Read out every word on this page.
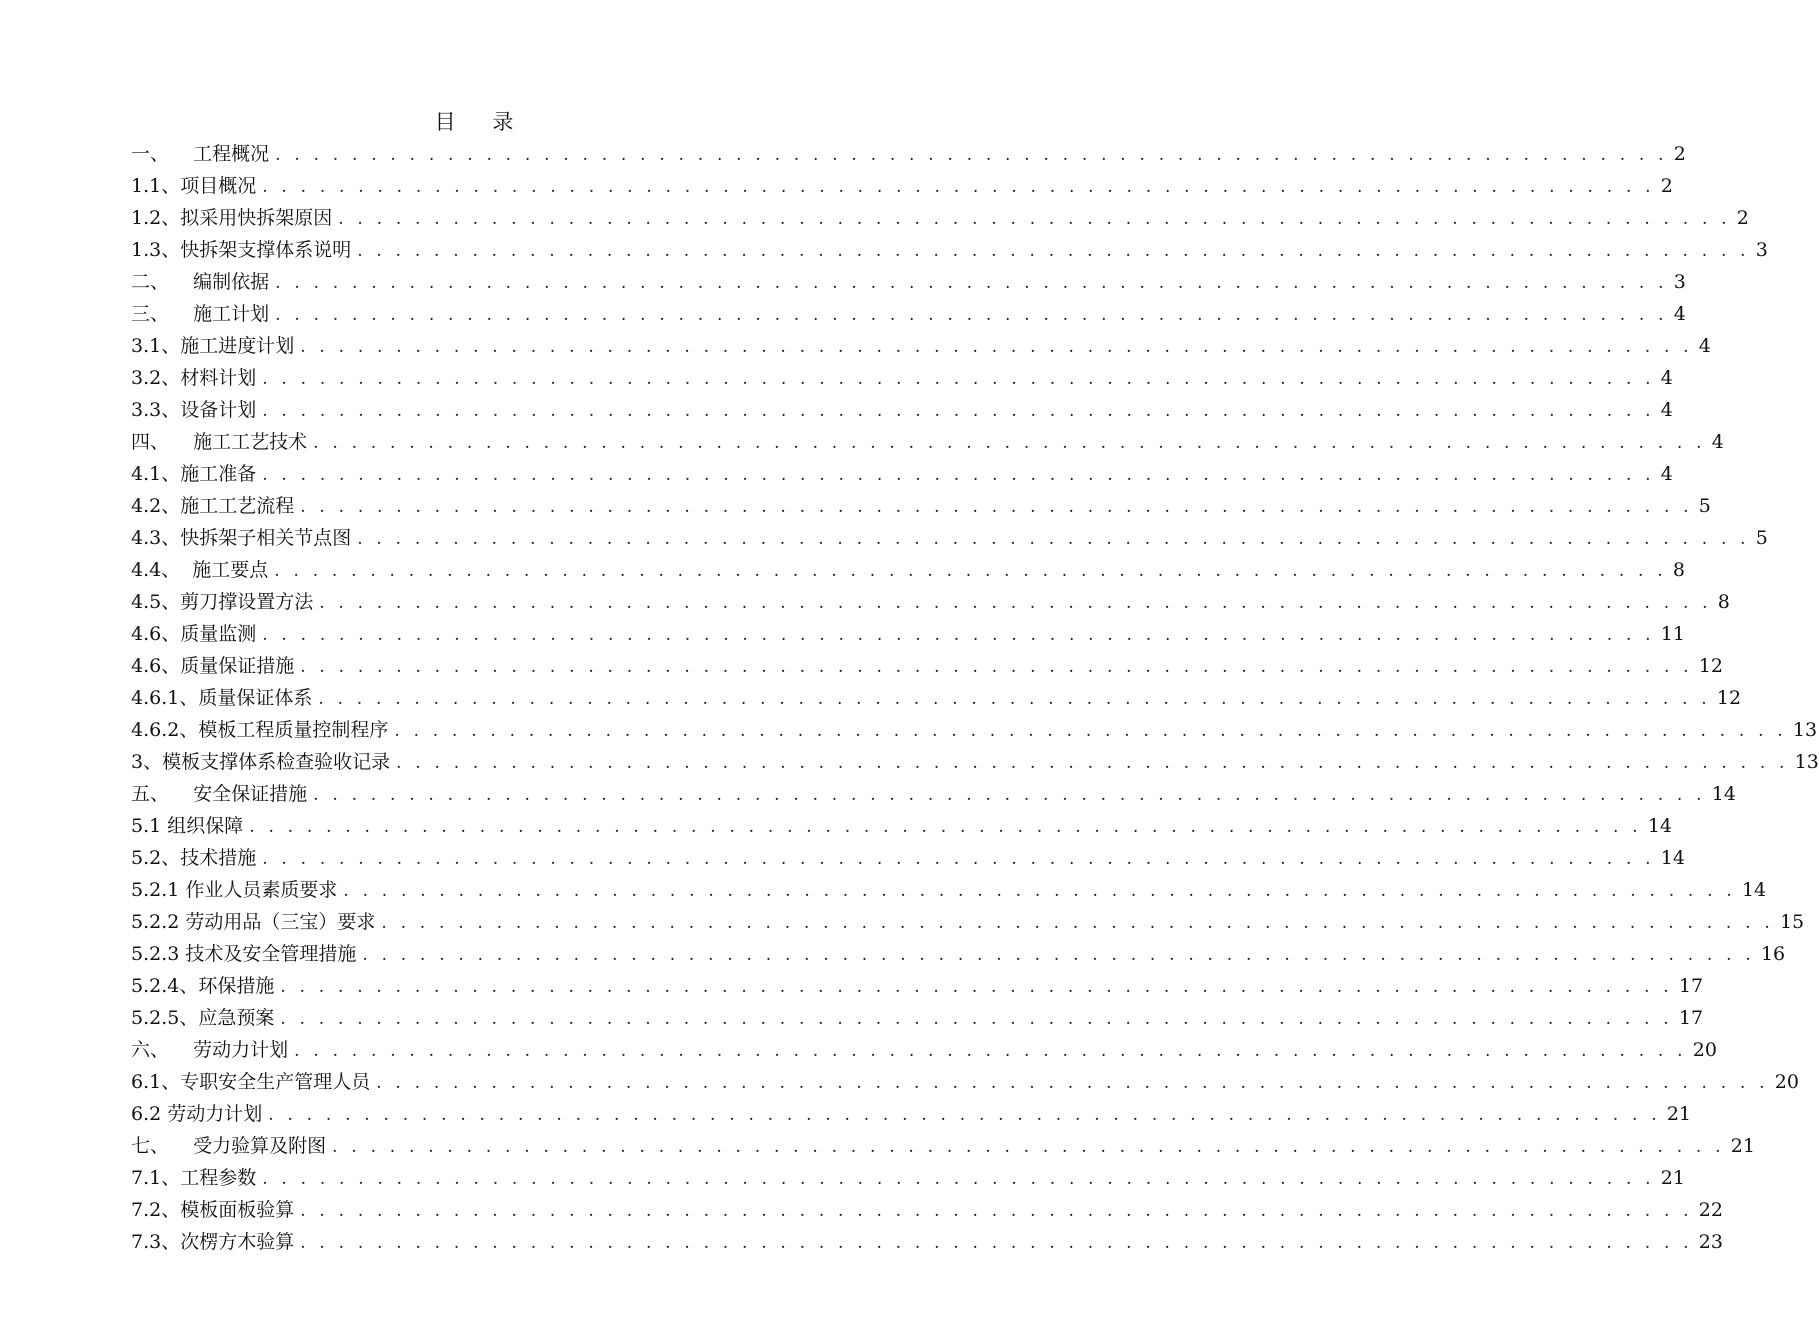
目    录
一、    工程概况 . . . . . . . . . . . . . . . . . . . . . . . . . . . . . . . . . . . . . . . . . . . . . . . . . . . . . . . . . . . . . . . . . . . . . . . . . 2
1.1、项目概况 . . . . . . . . . . . . . . . . . . . . . . . . . . . . . . . . . . . . . . . . . . . . . . . . . . . . . . . . . . . . . . . . . . . . . . . . . 2
1.2、拟采用快拆架原因 . . . . . . . . . . . . . . . . . . . . . . . . . . . . . . . . . . . . . . . . . . . . . . . . . . . . . . . . . . . . . . . . . . . . . . . . . 2
1.3、快拆架支撑体系说明 . . . . . . . . . . . . . . . . . . . . . . . . . . . . . . . . . . . . . . . . . . . . . . . . . . . . . . . . . . . . . . . . . . . . . . . . . 3
二、    编制依据 . . . . . . . . . . . . . . . . . . . . . . . . . . . . . . . . . . . . . . . . . . . . . . . . . . . . . . . . . . . . . . . . . . . . . . . . . 3
三、    施工计划 . . . . . . . . . . . . . . . . . . . . . . . . . . . . . . . . . . . . . . . . . . . . . . . . . . . . . . . . . . . . . . . . . . . . . . . . . 4
3.1、施工进度计划 . . . . . . . . . . . . . . . . . . . . . . . . . . . . . . . . . . . . . . . . . . . . . . . . . . . . . . . . . . . . . . . . . . . . . . . . . 4
3.2、材料计划 . . . . . . . . . . . . . . . . . . . . . . . . . . . . . . . . . . . . . . . . . . . . . . . . . . . . . . . . . . . . . . . . . . . . . . . . . 4
3.3、设备计划 . . . . . . . . . . . . . . . . . . . . . . . . . . . . . . . . . . . . . . . . . . . . . . . . . . . . . . . . . . . . . . . . . . . . . . . . . 4
四、    施工工艺技术 . . . . . . . . . . . . . . . . . . . . . . . . . . . . . . . . . . . . . . . . . . . . . . . . . . . . . . . . . . . . . . . . . . . . . . . . . 4
4.1、施工准备 . . . . . . . . . . . . . . . . . . . . . . . . . . . . . . . . . . . . . . . . . . . . . . . . . . . . . . . . . . . . . . . . . . . . . . . . . 4
4.2、施工工艺流程 . . . . . . . . . . . . . . . . . . . . . . . . . . . . . . . . . . . . . . . . . . . . . . . . . . . . . . . . . . . . . . . . . . . . . . . . . 5
4.3、快拆架子相关节点图 . . . . . . . . . . . . . . . . . . . . . . . . . . . . . . . . . . . . . . . . . . . . . . . . . . . . . . . . . . . . . . . . . . . . . . . . . 5
4.4、  施工要点 . . . . . . . . . . . . . . . . . . . . . . . . . . . . . . . . . . . . . . . . . . . . . . . . . . . . . . . . . . . . . . . . . . . . . . . . . 8
4.5、剪刀撑设置方法 . . . . . . . . . . . . . . . . . . . . . . . . . . . . . . . . . . . . . . . . . . . . . . . . . . . . . . . . . . . . . . . . . . . . . . . . . 8
4.6、质量监测 . . . . . . . . . . . . . . . . . . . . . . . . . . . . . . . . . . . . . . . . . . . . . . . . . . . . . . . . . . . . . . . . . . . . . . . . . 11
4.6、质量保证措施 . . . . . . . . . . . . . . . . . . . . . . . . . . . . . . . . . . . . . . . . . . . . . . . . . . . . . . . . . . . . . . . . . . . . . . . . . 12
4.6.1、质量保证体系 . . . . . . . . . . . . . . . . . . . . . . . . . . . . . . . . . . . . . . . . . . . . . . . . . . . . . . . . . . . . . . . . . . . . . . . . . 12
4.6.2、模板工程质量控制程序 . . . . . . . . . . . . . . . . . . . . . . . . . . . . . . . . . . . . . . . . . . . . . . . . . . . . . . . . . . . . . . . . . . . . . . . . . 13
3、模板支撑体系检查验收记录 . . . . . . . . . . . . . . . . . . . . . . . . . . . . . . . . . . . . . . . . . . . . . . . . . . . . . . . . . . . . . . . . . . . . . . . . . 13
五、    安全保证措施 . . . . . . . . . . . . . . . . . . . . . . . . . . . . . . . . . . . . . . . . . . . . . . . . . . . . . . . . . . . . . . . . . . . . . . . . . 14
5.1 组织保障 . . . . . . . . . . . . . . . . . . . . . . . . . . . . . . . . . . . . . . . . . . . . . . . . . . . . . . . . . . . . . . . . . . . . . . . . . 14
5.2、技术措施 . . . . . . . . . . . . . . . . . . . . . . . . . . . . . . . . . . . . . . . . . . . . . . . . . . . . . . . . . . . . . . . . . . . . . . . . . 14
5.2.1 作业人员素质要求 . . . . . . . . . . . . . . . . . . . . . . . . . . . . . . . . . . . . . . . . . . . . . . . . . . . . . . . . . . . . . . . . . . . . . . . . . 14
5.2.2 劳动用品（三宝）要求 . . . . . . . . . . . . . . . . . . . . . . . . . . . . . . . . . . . . . . . . . . . . . . . . . . . . . . . . . . . . . . . . . . . . . . . . . 15
5.2.3 技术及安全管理措施 . . . . . . . . . . . . . . . . . . . . . . . . . . . . . . . . . . . . . . . . . . . . . . . . . . . . . . . . . . . . . . . . . . . . . . . . . 16
5.2.4、环保措施 . . . . . . . . . . . . . . . . . . . . . . . . . . . . . . . . . . . . . . . . . . . . . . . . . . . . . . . . . . . . . . . . . . . . . . . . . 17
5.2.5、应急预案 . . . . . . . . . . . . . . . . . . . . . . . . . . . . . . . . . . . . . . . . . . . . . . . . . . . . . . . . . . . . . . . . . . . . . . . . . 17
六、    劳动力计划 . . . . . . . . . . . . . . . . . . . . . . . . . . . . . . . . . . . . . . . . . . . . . . . . . . . . . . . . . . . . . . . . . . . . . . . . . 20
6.1、专职安全生产管理人员 . . . . . . . . . . . . . . . . . . . . . . . . . . . . . . . . . . . . . . . . . . . . . . . . . . . . . . . . . . . . . . . . . . . . . . . . . 20
6.2 劳动力计划 . . . . . . . . . . . . . . . . . . . . . . . . . . . . . . . . . . . . . . . . . . . . . . . . . . . . . . . . . . . . . . . . . . . . . . . . . 21
七、    受力验算及附图 . . . . . . . . . . . . . . . . . . . . . . . . . . . . . . . . . . . . . . . . . . . . . . . . . . . . . . . . . . . . . . . . . . . . . . . . . 21
7.1、工程参数 . . . . . . . . . . . . . . . . . . . . . . . . . . . . . . . . . . . . . . . . . . . . . . . . . . . . . . . . . . . . . . . . . . . . . . . . . 21
7.2、模板面板验算 . . . . . . . . . . . . . . . . . . . . . . . . . . . . . . . . . . . . . . . . . . . . . . . . . . . . . . . . . . . . . . . . . . . . . . . . . 22
7.3、次楞方木验算 . . . . . . . . . . . . . . . . . . . . . . . . . . . . . . . . . . . . . . . . . . . . . . . . . . . . . . . . . . . . . . . . . . . . . . . . . 23
